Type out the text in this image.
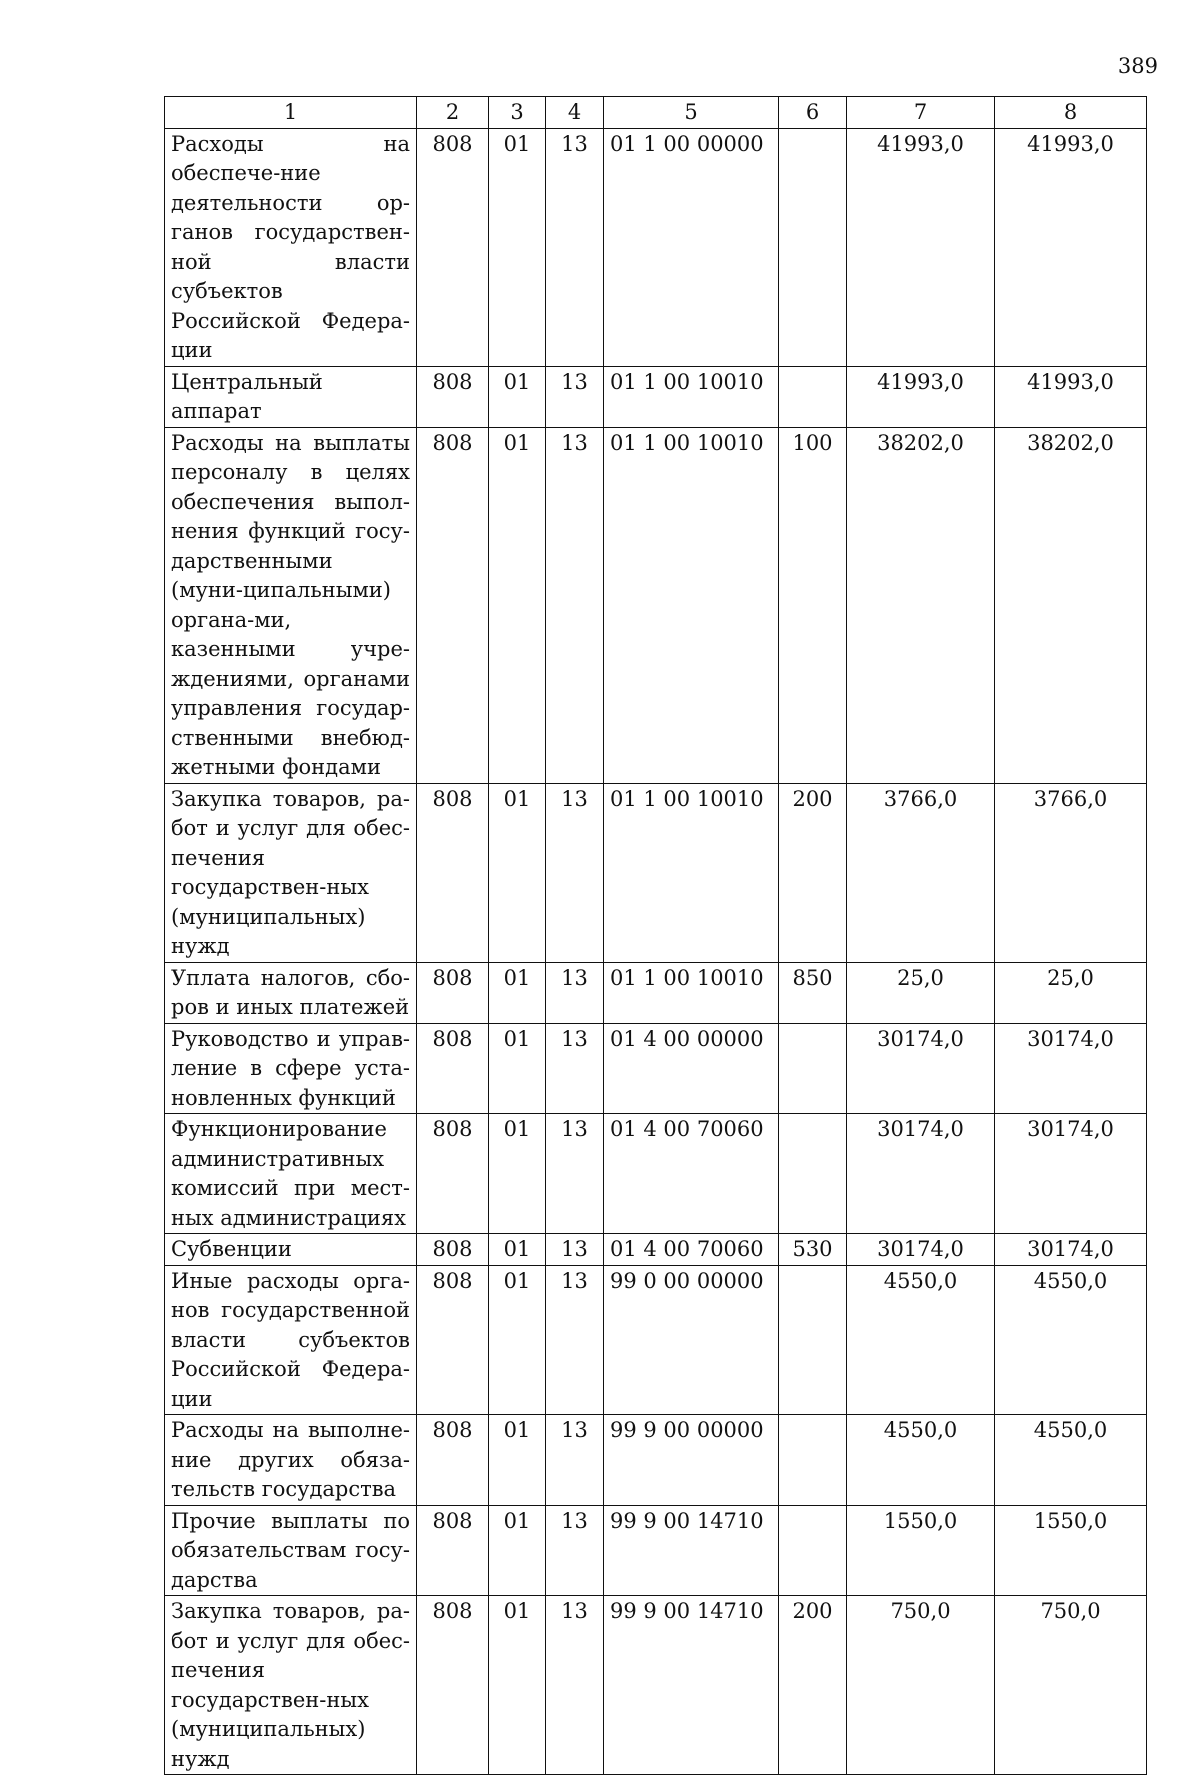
389
1	2	3	4	5	6	7	8
Расходы на обеспече-ние деятельности ор-ганов государствен-ной власти субъектов Российской Федера-ции	808	01	13	01 1 00 00000		41993,0	41993,0
Центральный аппарат	808	01	13	01 1 00 10010		41993,0	41993,0
Расходы на выплаты персоналу в целях обеспечения выпол-нения функций госу-дарственными (муни-ципальными) органа-ми, казенными учре-ждениями, органами управления государ-ственными внебюд-жетными фондами	808	01	13	01 1 00 10010	100	38202,0	38202,0
Закупка товаров, ра-бот и услуг для обес-печения государствен-ных (муниципальных) нужд	808	01	13	01 1 00 10010	200	3766,0	3766,0
Уплата налогов, сбо-ров и иных платежей	808	01	13	01 1 00 10010	850	25,0	25,0
Руководство и управ-ление в сфере уста-новленных функций	808	01	13	01 4 00 00000		30174,0	30174,0
Функционирование административных комиссий при мест-ных администрациях	808	01	13	01 4 00 70060		30174,0	30174,0
Субвенции	808	01	13	01 4 00 70060	530	30174,0	30174,0
Иные расходы орга-нов государственной власти субъектов Российской Федера-ции	808	01	13	99 0 00 00000		4550,0	4550,0
Расходы на выполне-ние других обяза-тельств государства	808	01	13	99 9 00 00000		4550,0	4550,0
Прочие выплаты по обязательствам госу-дарства	808	01	13	99 9 00 14710		1550,0	1550,0
Закупка товаров, ра-бот и услуг для обес-печения государствен-ных (муниципальных) нужд	808	01	13	99 9 00 14710	200	750,0	750,0
